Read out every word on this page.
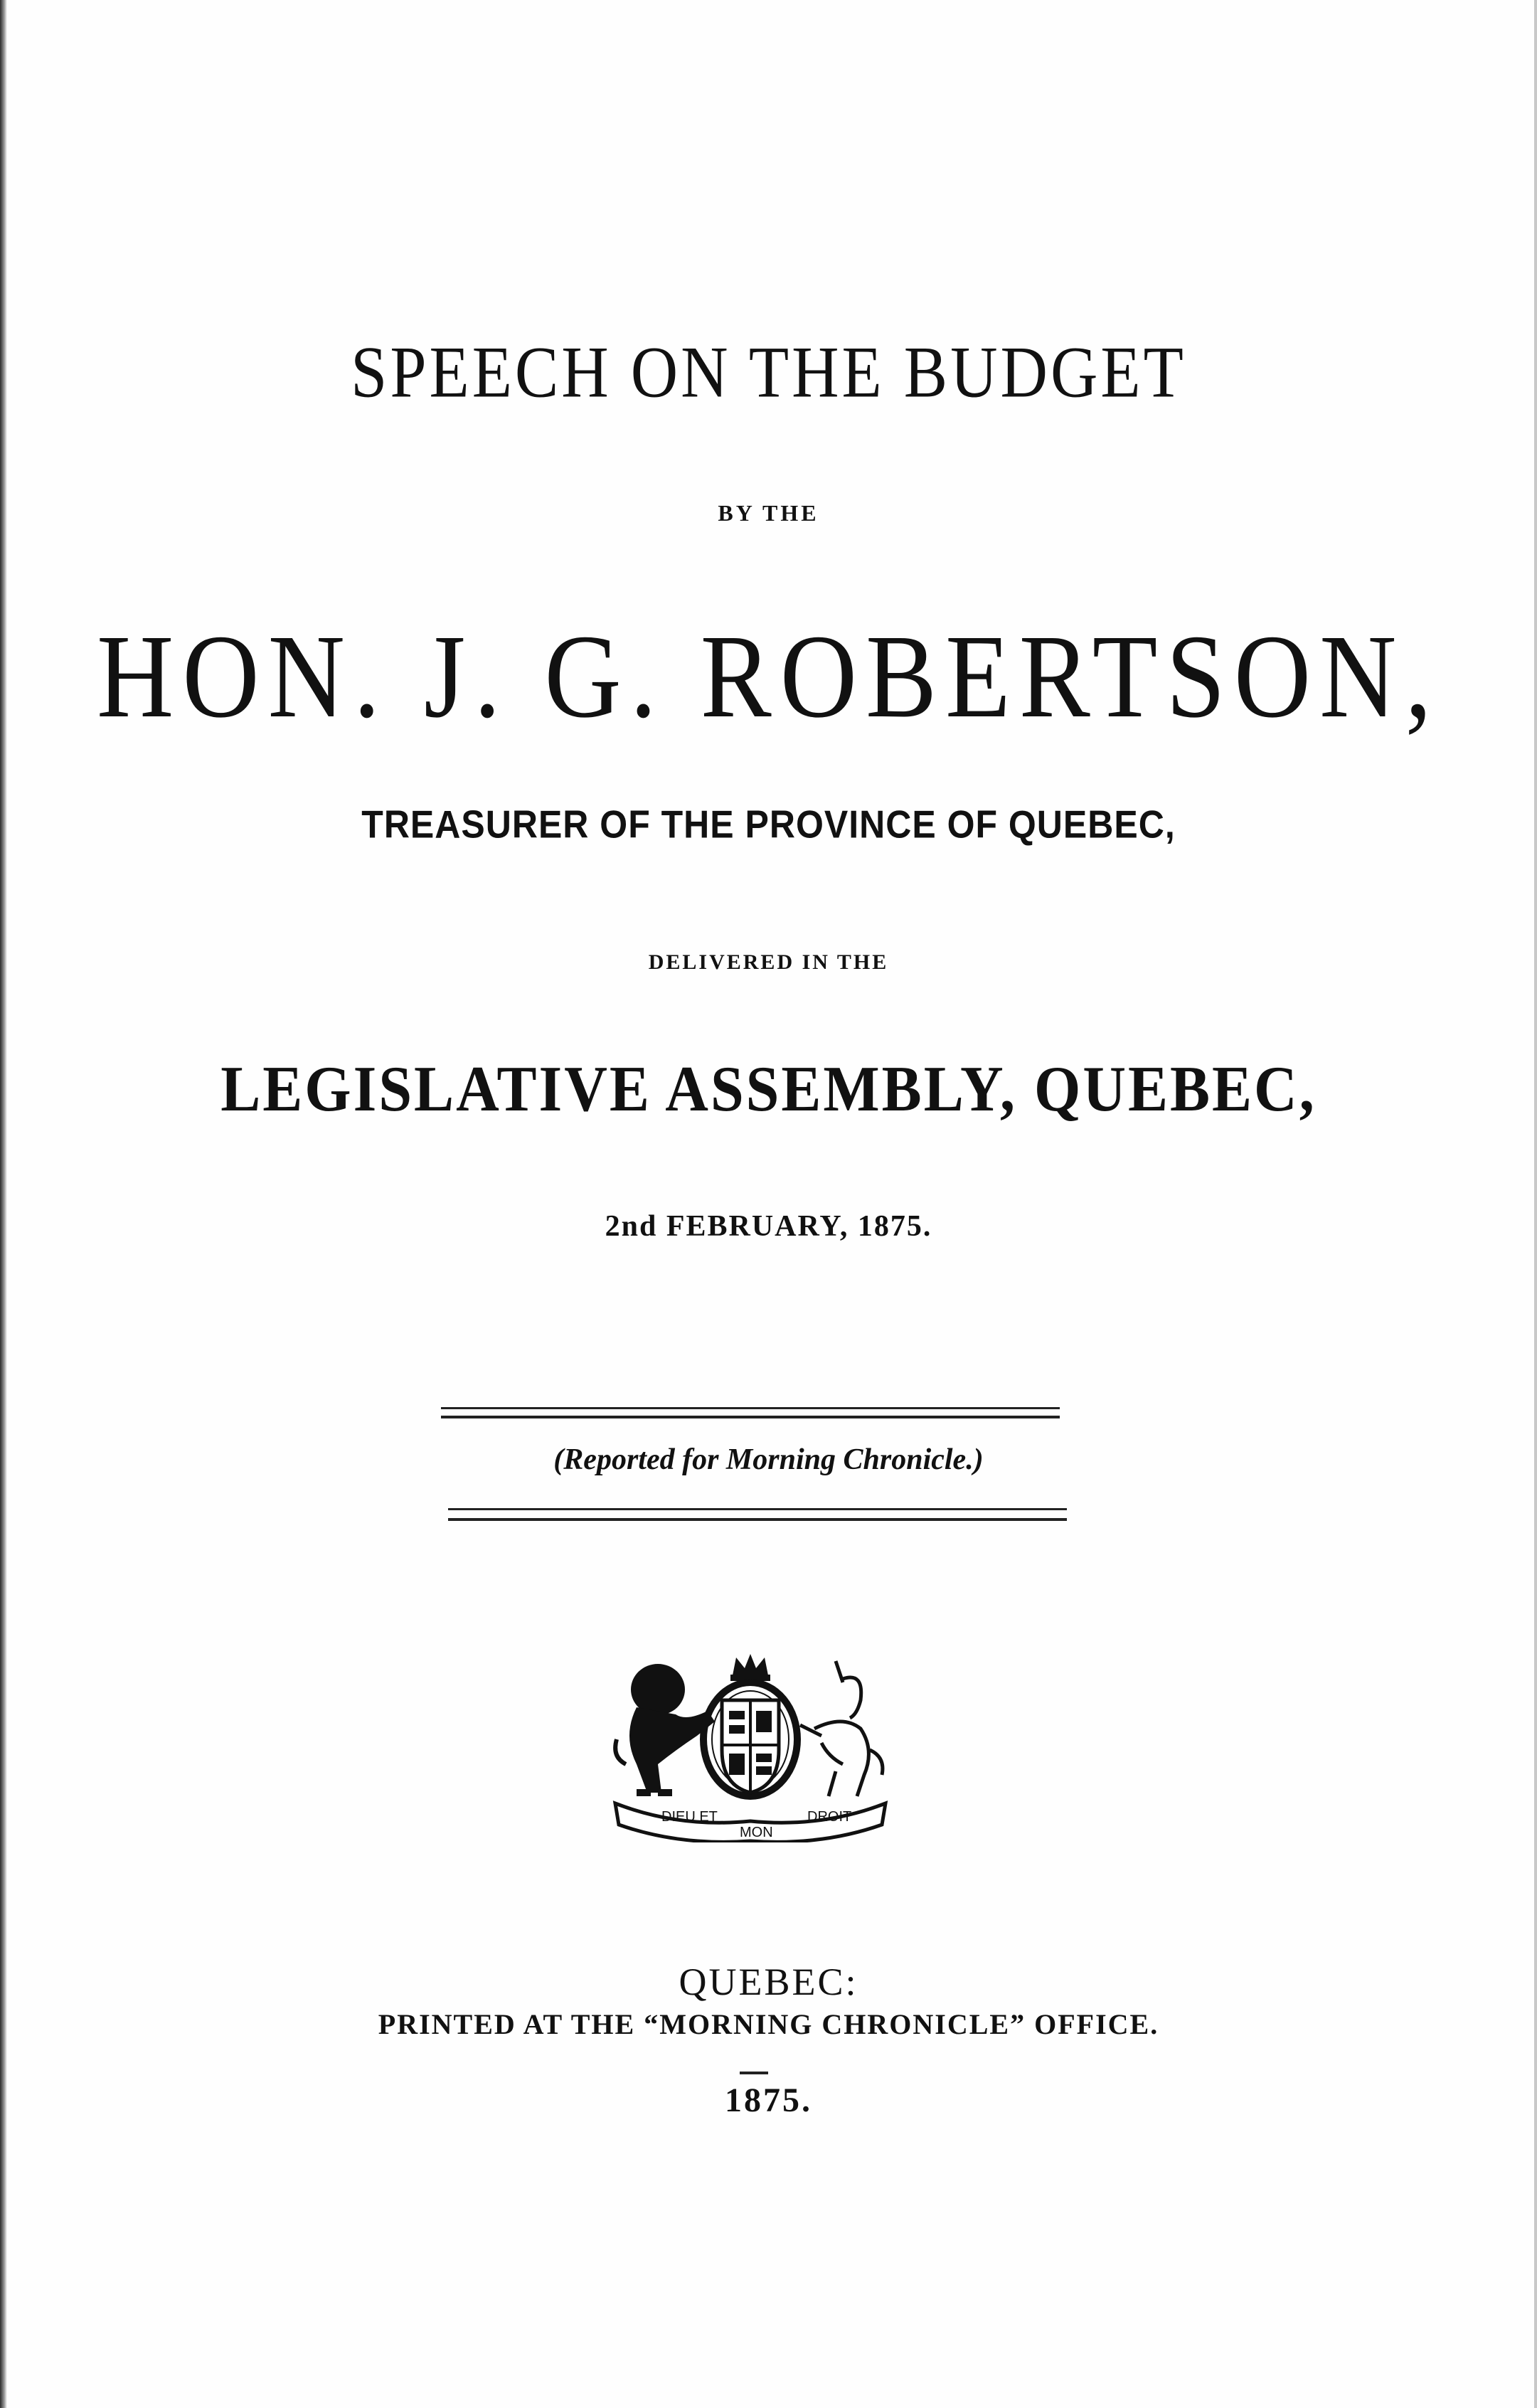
SPEECH ON THE BUDGET
BY THE
HON. J. G. ROBERTSON,
TREASURER OF THE PROVINCE OF QUEBEC,
DELIVERED IN THE
LEGISLATIVE ASSEMBLY, QUEBEC,
2nd FEBRUARY, 1875.
(Reported for Morning Chronicle.)
DIEU ET
MON
DROIT
QUEBEC:
PRINTED AT THE “MORNING CHRONICLE” OFFICE.
1875.
